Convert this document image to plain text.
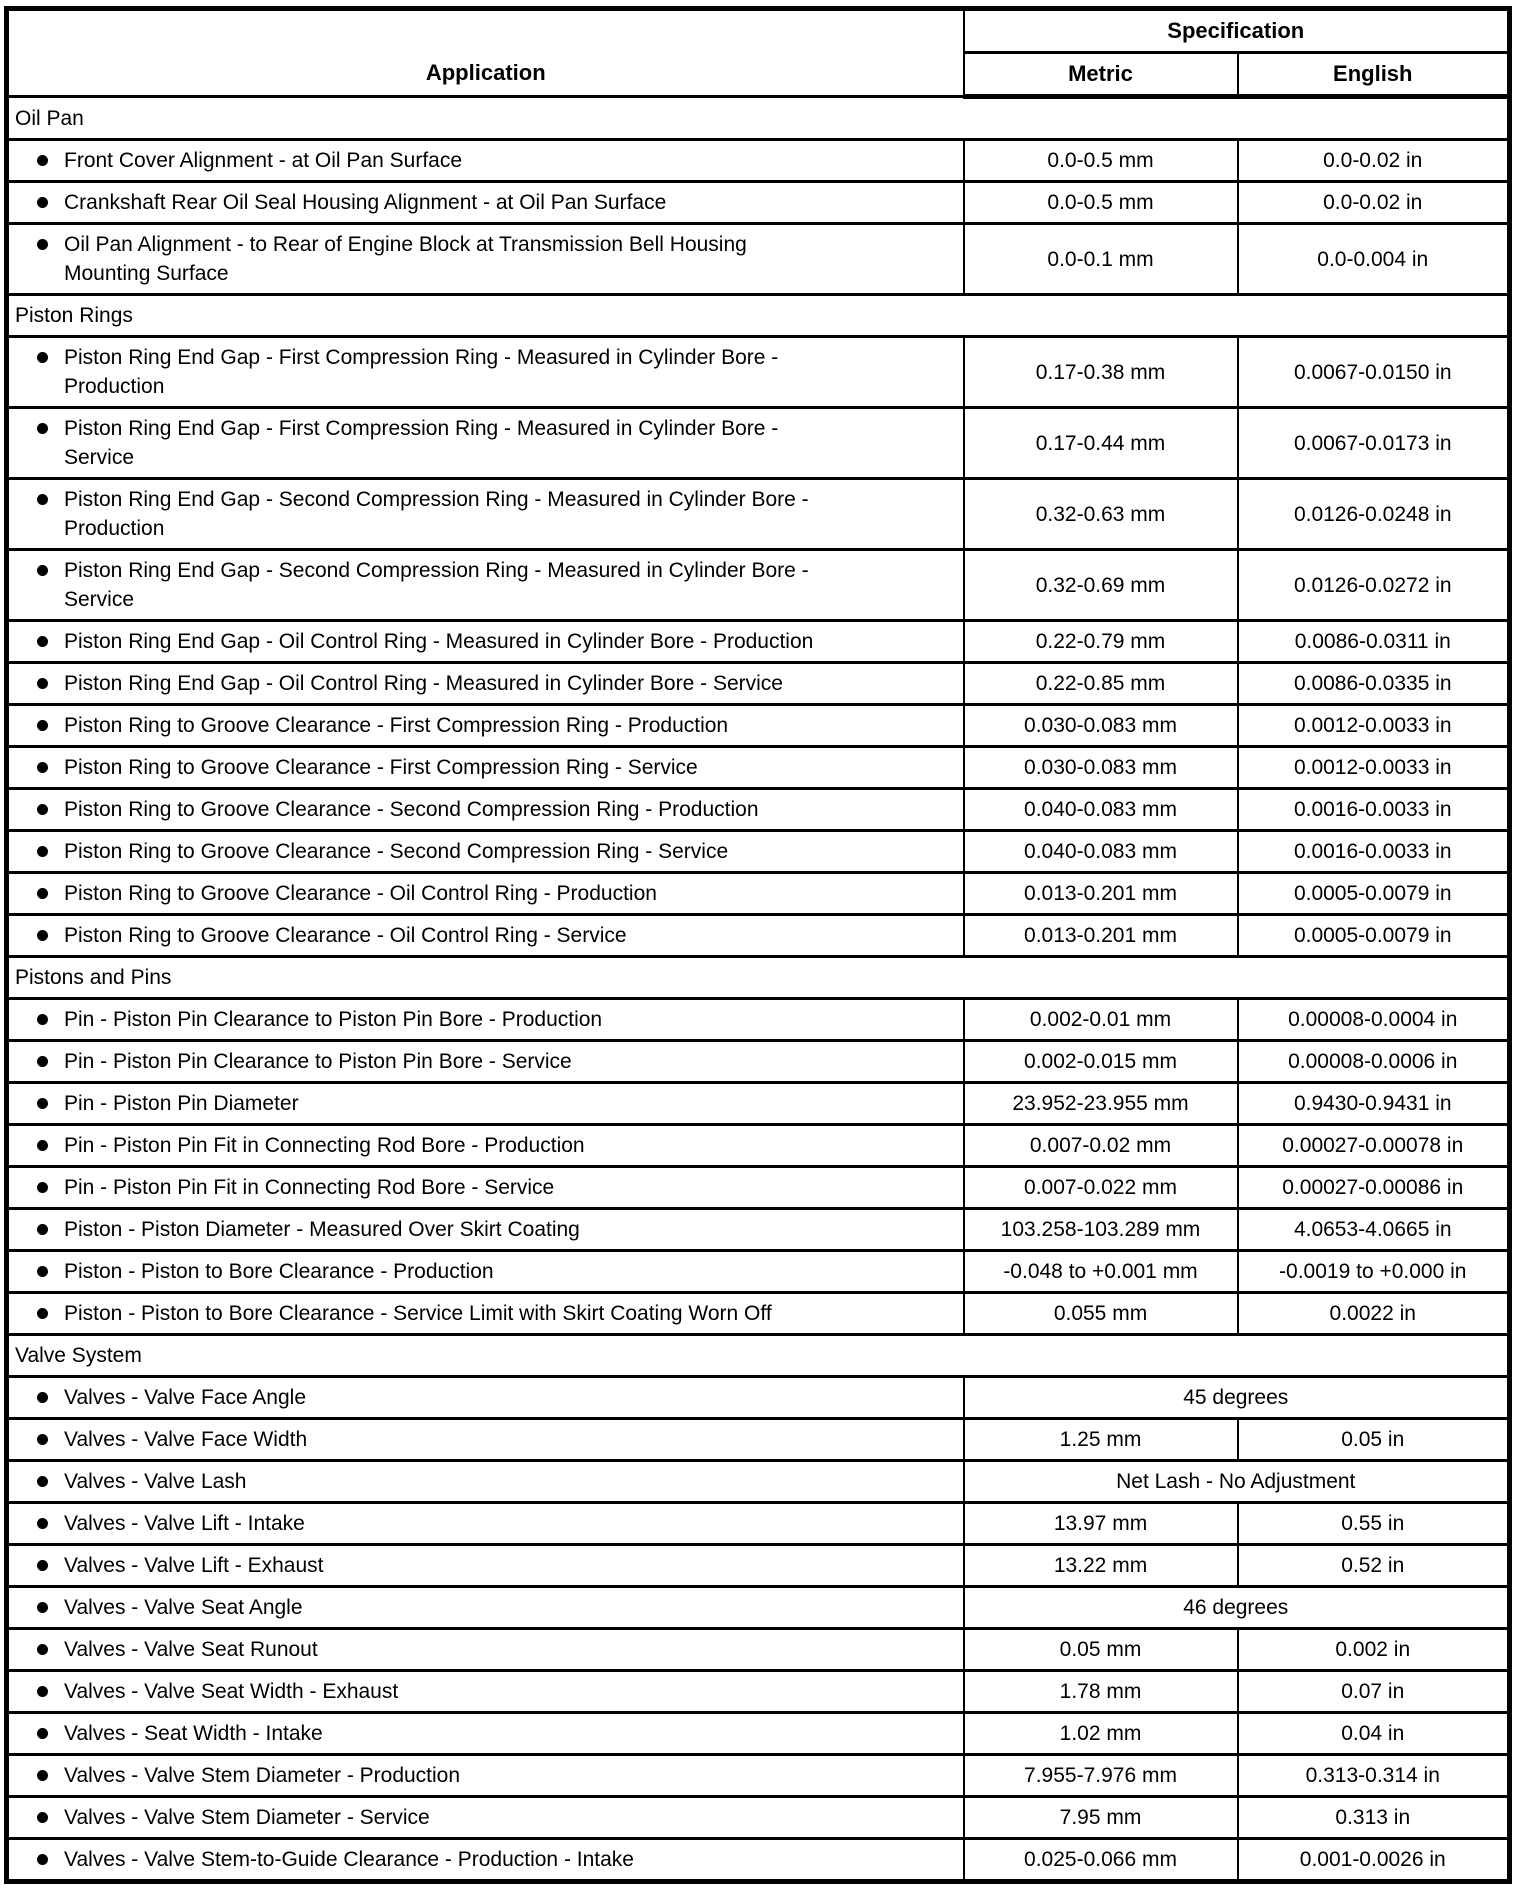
Application	Specification	
	Metric	English
Oil Pan		

Front Cover Alignment - at Oil Pan Surface	0.0-0.5 mm	0.0-0.02 in

Crankshaft Rear Oil Seal Housing Alignment - at Oil Pan Surface	0.0-0.5 mm	0.0-0.02 in

Oil Pan Alignment - to Rear of Engine Block at Transmission Bell Housing Mounting Surface	0.0-0.1 mm	0.0-0.004 in
Piston Rings		

Piston Ring End Gap - First Compression Ring - Measured in Cylinder Bore - Production	0.17-0.38 mm	0.0067-0.0150 in

Piston Ring End Gap - First Compression Ring - Measured in Cylinder Bore - Service	0.17-0.44 mm	0.0067-0.0173 in

Piston Ring End Gap - Second Compression Ring - Measured in Cylinder Bore - Production	0.32-0.63 mm	0.0126-0.0248 in

Piston Ring End Gap - Second Compression Ring - Measured in Cylinder Bore - Service	0.32-0.69 mm	0.0126-0.0272 in

Piston Ring End Gap - Oil Control Ring - Measured in Cylinder Bore - Production	0.22-0.79 mm	0.0086-0.0311 in

Piston Ring End Gap - Oil Control Ring - Measured in Cylinder Bore - Service	0.22-0.85 mm	0.0086-0.0335 in

Piston Ring to Groove Clearance - First Compression Ring - Production	0.030-0.083 mm	0.0012-0.0033 in

Piston Ring to Groove Clearance - First Compression Ring - Service	0.030-0.083 mm	0.0012-0.0033 in

Piston Ring to Groove Clearance - Second Compression Ring - Production	0.040-0.083 mm	0.0016-0.0033 in

Piston Ring to Groove Clearance - Second Compression Ring - Service	0.040-0.083 mm	0.0016-0.0033 in

Piston Ring to Groove Clearance - Oil Control Ring - Production	0.013-0.201 mm	0.0005-0.0079 in

Piston Ring to Groove Clearance - Oil Control Ring - Service	0.013-0.201 mm	0.0005-0.0079 in
Pistons and Pins		

Pin - Piston Pin Clearance to Piston Pin Bore - Production	0.002-0.01 mm	0.00008-0.0004 in

Pin - Piston Pin Clearance to Piston Pin Bore - Service	0.002-0.015 mm	0.00008-0.0006 in

Pin - Piston Pin Diameter	23.952-23.955 mm	0.9430-0.9431 in

Pin - Piston Pin Fit in Connecting Rod Bore - Production	0.007-0.02 mm	0.00027-0.00078 in

Pin - Piston Pin Fit in Connecting Rod Bore - Service	0.007-0.022 mm	0.00027-0.00086 in

Piston - Piston Diameter - Measured Over Skirt Coating	103.258-103.289 mm	4.0653-4.0665 in

Piston - Piston to Bore Clearance - Production	-0.048 to +0.001 mm	-0.0019 to +0.000 in

Piston - Piston to Bore Clearance - Service Limit with Skirt Coating Worn Off	0.055 mm	0.0022 in
Valve System		

Valves - Valve Face Angle	45 degrees	

Valves - Valve Face Width	1.25 mm	0.05 in

Valves - Valve Lash	Net Lash - No Adjustment	

Valves - Valve Lift - Intake	13.97 mm	0.55 in

Valves - Valve Lift - Exhaust	13.22 mm	0.52 in

Valves - Valve Seat Angle	46 degrees	

Valves - Valve Seat Runout	0.05 mm	0.002 in

Valves - Valve Seat Width - Exhaust	1.78 mm	0.07 in

Valves - Seat Width - Intake	1.02 mm	0.04 in

Valves - Valve Stem Diameter - Production	7.955-7.976 mm	0.313-0.314 in

Valves - Valve Stem Diameter - Service	7.95 mm	0.313 in

Valves - Valve Stem-to-Guide Clearance - Production - Intake	0.025-0.066 mm	0.001-0.0026 in
